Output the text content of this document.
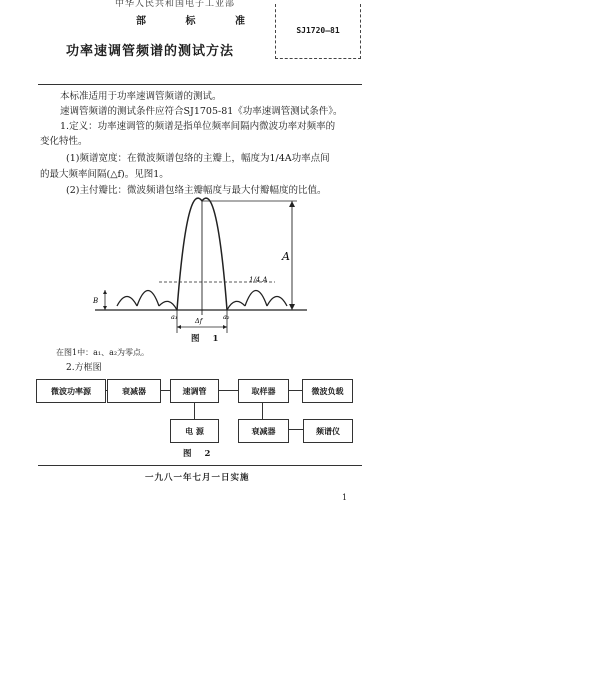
中华人民共和国电子工业部
部 标 准
功率速调管频谱的测试方法
SJ1720—81
本标准适用于功率速调管频谱的测试。
速调管频谱的测试条件应符合SJ1705-81《功率速调管测试条件》。
1.定义：功率速调管的频谱是指单位频率间隔内微波功率对频率的
变化特性。
(1)频谱宽度：在微波频谱包络的主瓣上，幅度为1/4A功率点间
的最大频率间隔(△f)。见图1。
(2)主付瓣比：微波频谱包络主瓣幅度与最大付瓣幅度的比值。
A
1/4 A
B
a₁	a₂
Δf
图 1
在图1中：a₁、a₂为零点。
2.方框图
微波功率源	衰减器	速调管	取样器	微波负载
电 源	衰减器	频谱仪
图 2
一九八一年七月一日实施
1
